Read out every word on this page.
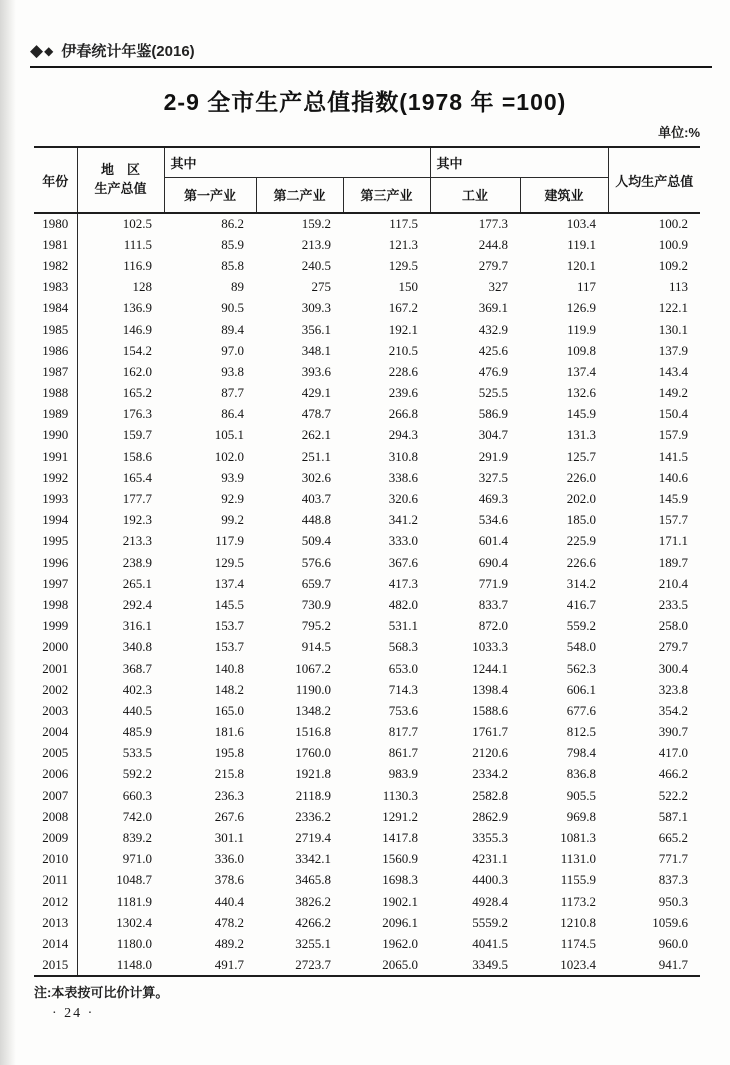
◆ ◆ 伊春统计年鉴(2016)
2-9 全市生产总值指数(1978 年 =100)
单位:%
年份	地　区
生产总值	其中			其中		人均生产总值
		第一产业	第二产业	第三产业	工业	建筑业	
1980	102.5	86.2	159.2	117.5	177.3	103.4	100.2
1981	111.5	85.9	213.9	121.3	244.8	119.1	100.9
1982	116.9	85.8	240.5	129.5	279.7	120.1	109.2
1983	128	89	275	150	327	117	113
1984	136.9	90.5	309.3	167.2	369.1	126.9	122.1
1985	146.9	89.4	356.1	192.1	432.9	119.9	130.1
1986	154.2	97.0	348.1	210.5	425.6	109.8	137.9
1987	162.0	93.8	393.6	228.6	476.9	137.4	143.4
1988	165.2	87.7	429.1	239.6	525.5	132.6	149.2
1989	176.3	86.4	478.7	266.8	586.9	145.9	150.4
1990	159.7	105.1	262.1	294.3	304.7	131.3	157.9
1991	158.6	102.0	251.1	310.8	291.9	125.7	141.5
1992	165.4	93.9	302.6	338.6	327.5	226.0	140.6
1993	177.7	92.9	403.7	320.6	469.3	202.0	145.9
1994	192.3	99.2	448.8	341.2	534.6	185.0	157.7
1995	213.3	117.9	509.4	333.0	601.4	225.9	171.1
1996	238.9	129.5	576.6	367.6	690.4	226.6	189.7
1997	265.1	137.4	659.7	417.3	771.9	314.2	210.4
1998	292.4	145.5	730.9	482.0	833.7	416.7	233.5
1999	316.1	153.7	795.2	531.1	872.0	559.2	258.0
2000	340.8	153.7	914.5	568.3	1033.3	548.0	279.7
2001	368.7	140.8	1067.2	653.0	1244.1	562.3	300.4
2002	402.3	148.2	1190.0	714.3	1398.4	606.1	323.8
2003	440.5	165.0	1348.2	753.6	1588.6	677.6	354.2
2004	485.9	181.6	1516.8	817.7	1761.7	812.5	390.7
2005	533.5	195.8	1760.0	861.7	2120.6	798.4	417.0
2006	592.2	215.8	1921.8	983.9	2334.2	836.8	466.2
2007	660.3	236.3	2118.9	1130.3	2582.8	905.5	522.2
2008	742.0	267.6	2336.2	1291.2	2862.9	969.8	587.1
2009	839.2	301.1	2719.4	1417.8	3355.3	1081.3	665.2
2010	971.0	336.0	3342.1	1560.9	4231.1	1131.0	771.7
2011	1048.7	378.6	3465.8	1698.3	4400.3	1155.9	837.3
2012	1181.9	440.4	3826.2	1902.1	4928.4	1173.2	950.3
2013	1302.4	478.2	4266.2	2096.1	5559.2	1210.8	1059.6
2014	1180.0	489.2	3255.1	1962.0	4041.5	1174.5	960.0
2015	1148.0	491.7	2723.7	2065.0	3349.5	1023.4	941.7
注:本表按可比价计算。
· 24 ·
